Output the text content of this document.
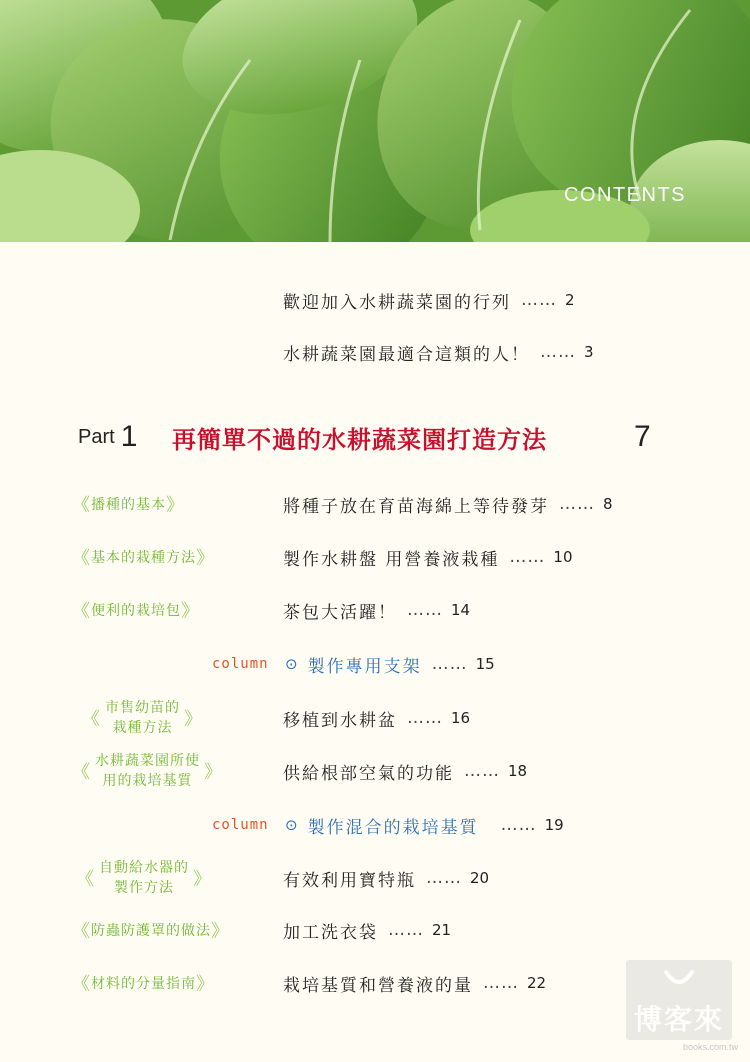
CONTENTS
歡迎加入水耕蔬菜園的行列 …… 2
水耕蔬菜園最適合這類的人！ …… 3
Part 1 再簡單不過的水耕蔬菜園打造方法	7
《 播種的基本 》	將種子放在育苗海綿上等待發芽 …… 8
《 基本的栽種方法 》	製作水耕盤 用營養液栽種 …… 10
《 便利的栽培包 》	茶包大活躍！ …… 14
column ⊙ 製作專用支架 …… 15
《
市售幼苗的
栽種方法 》	移植到水耕盆 …… 16
《
水耕蔬菜園所使
用的栽培基質 》	供給根部空氣的功能 …… 18
column ⊙ 製作混合的栽培基質 …… 19
《
自動給水器的
製作方法 》	有效利用寶特瓶 …… 20
《 防蟲防護罩的做法 》	加工洗衣袋 …… 21
《 材料的分量指南 》	栽培基質和營養液的量 …… 22
博客來
books.com.tw
